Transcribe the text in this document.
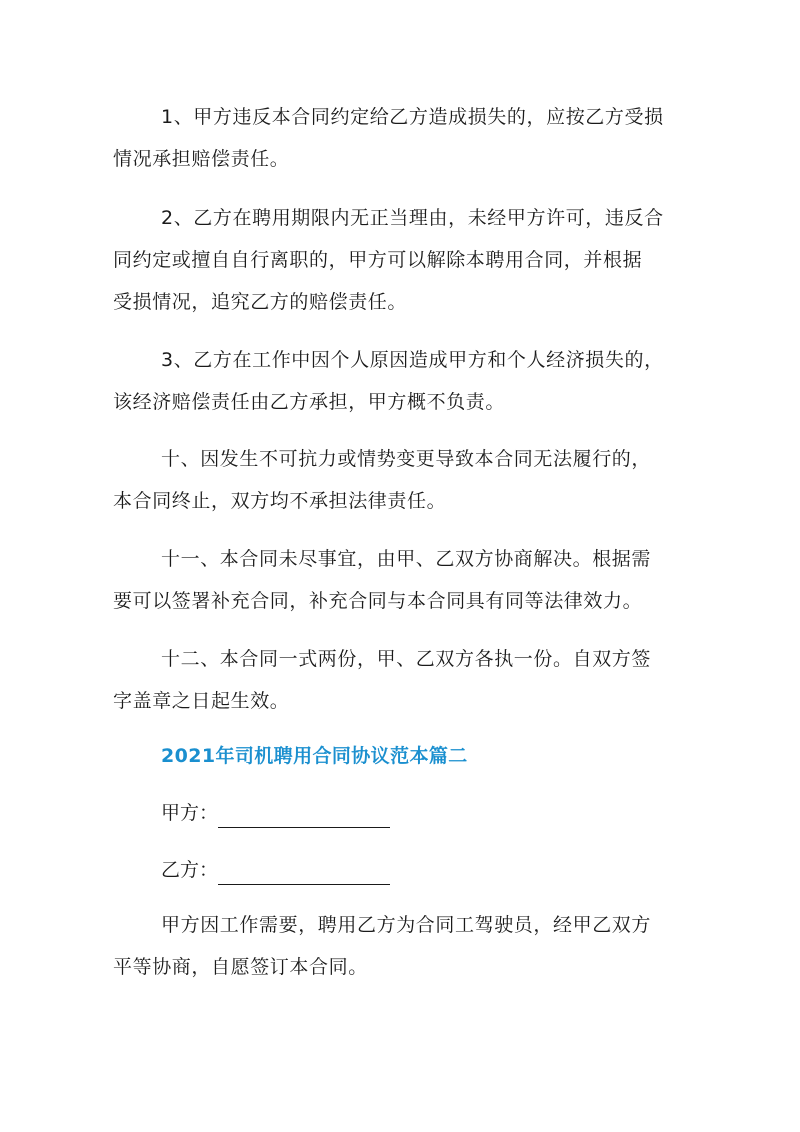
1、甲方违反本合同约定给乙方造成损失的，应按乙方受损
情况承担赔偿责任。

2、乙方在聘用期限内无正当理由，未经甲方许可，违反合
同约定或擅自自行离职的，甲方可以解除本聘用合同，并根据
受损情况，追究乙方的赔偿责任。

3、乙方在工作中因个人原因造成甲方和个人经济损失的，
该经济赔偿责任由乙方承担，甲方概不负责。

十、因发生不可抗力或情势变更导致本合同无法履行的，
本合同终止，双方均不承担法律责任。

十一、本合同未尽事宜，由甲、乙双方协商解决。根据需
要可以签署补充合同，补充合同与本合同具有同等法律效力。

十二、本合同一式两份，甲、乙双方各执一份。自双方签
字盖章之日起生效。

2021年司机聘用合同协议范本篇二

甲方：

乙方：

甲方因工作需要，聘用乙方为合同工驾驶员，经甲乙双方
平等协商，自愿签订本合同。
